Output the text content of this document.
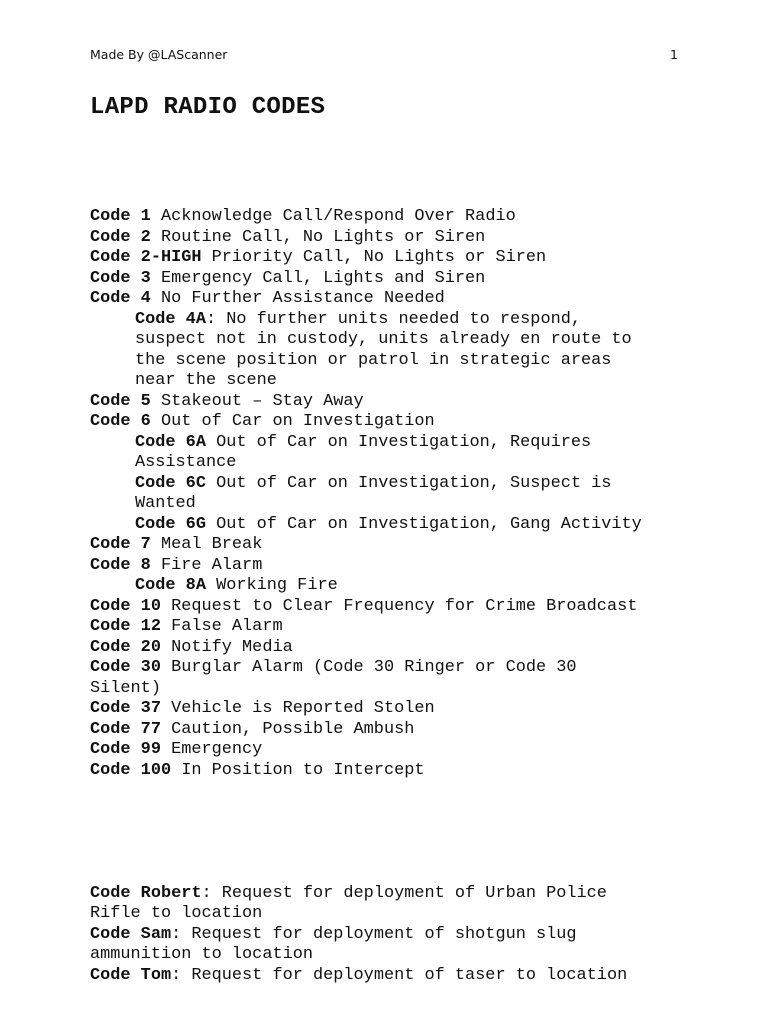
Made By @LAScanner	1
LAPD RADIO CODES

Code 1 Acknowledge Call/Respond Over Radio
Code 2 Routine Call, No Lights or Siren
Code 2-HIGH Priority Call, No Lights or Siren
Code 3 Emergency Call, Lights and Siren
Code 4 No Further Assistance Needed
Code 4A: No further units needed to respond,
suspect not in custody, units already en route to
the scene position or patrol in strategic areas
near the scene
Code 5 Stakeout – Stay Away
Code 6 Out of Car on Investigation
Code 6A Out of Car on Investigation, Requires
Assistance
Code 6C Out of Car on Investigation, Suspect is
Wanted
Code 6G Out of Car on Investigation, Gang Activity
Code 7 Meal Break
Code 8 Fire Alarm
Code 8A Working Fire
Code 10 Request to Clear Frequency for Crime Broadcast
Code 12 False Alarm
Code 20 Notify Media
Code 30 Burglar Alarm (Code 30 Ringer or Code 30
Silent)
Code 37 Vehicle is Reported Stolen
Code 77 Caution, Possible Ambush
Code 99 Emergency
Code 100 In Position to Intercept

Code Robert: Request for deployment of Urban Police
Rifle to location
Code Sam: Request for deployment of shotgun slug
ammunition to location
Code Tom: Request for deployment of taser to location
